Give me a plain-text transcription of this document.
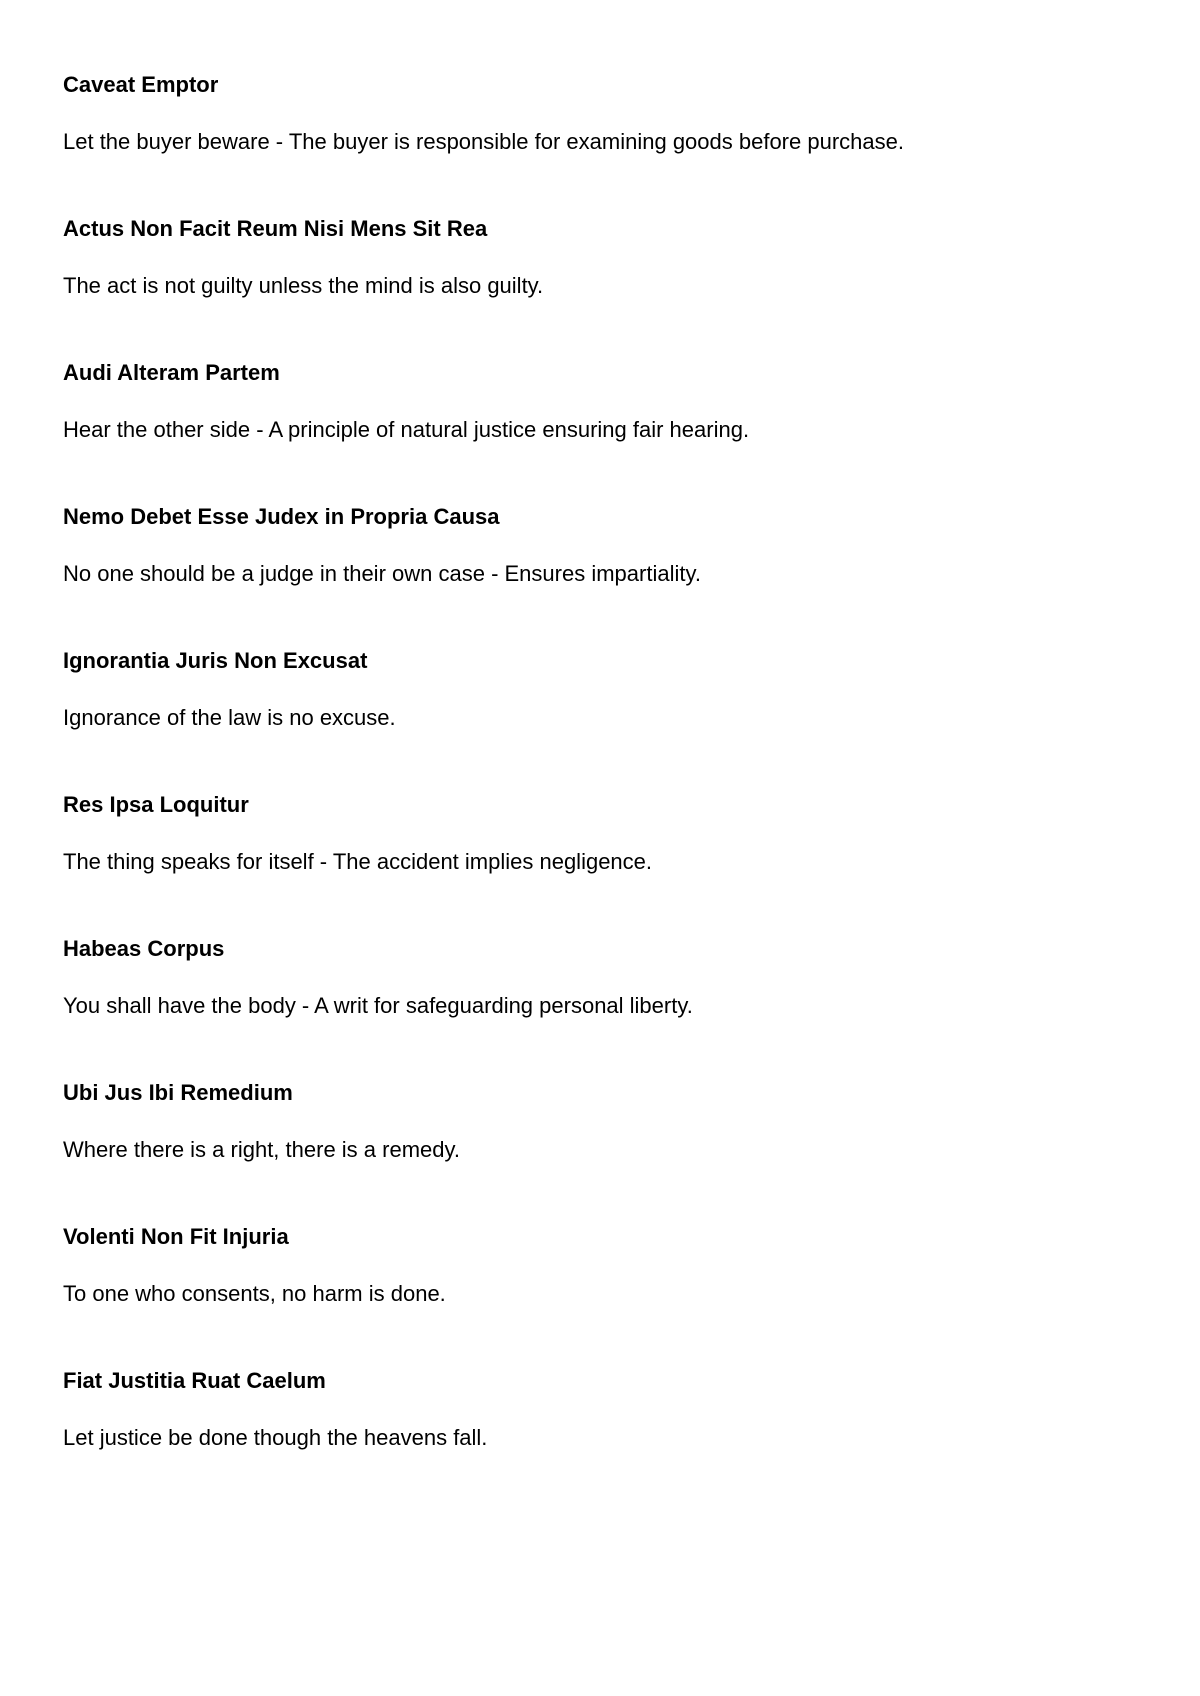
Caveat Emptor
Let the buyer beware - The buyer is responsible for examining goods before purchase.
Actus Non Facit Reum Nisi Mens Sit Rea
The act is not guilty unless the mind is also guilty.
Audi Alteram Partem
Hear the other side - A principle of natural justice ensuring fair hearing.
Nemo Debet Esse Judex in Propria Causa
No one should be a judge in their own case - Ensures impartiality.
Ignorantia Juris Non Excusat
Ignorance of the law is no excuse.
Res Ipsa Loquitur
The thing speaks for itself - The accident implies negligence.
Habeas Corpus
You shall have the body - A writ for safeguarding personal liberty.
Ubi Jus Ibi Remedium
Where there is a right, there is a remedy.
Volenti Non Fit Injuria
To one who consents, no harm is done.
Fiat Justitia Ruat Caelum
Let justice be done though the heavens fall.
